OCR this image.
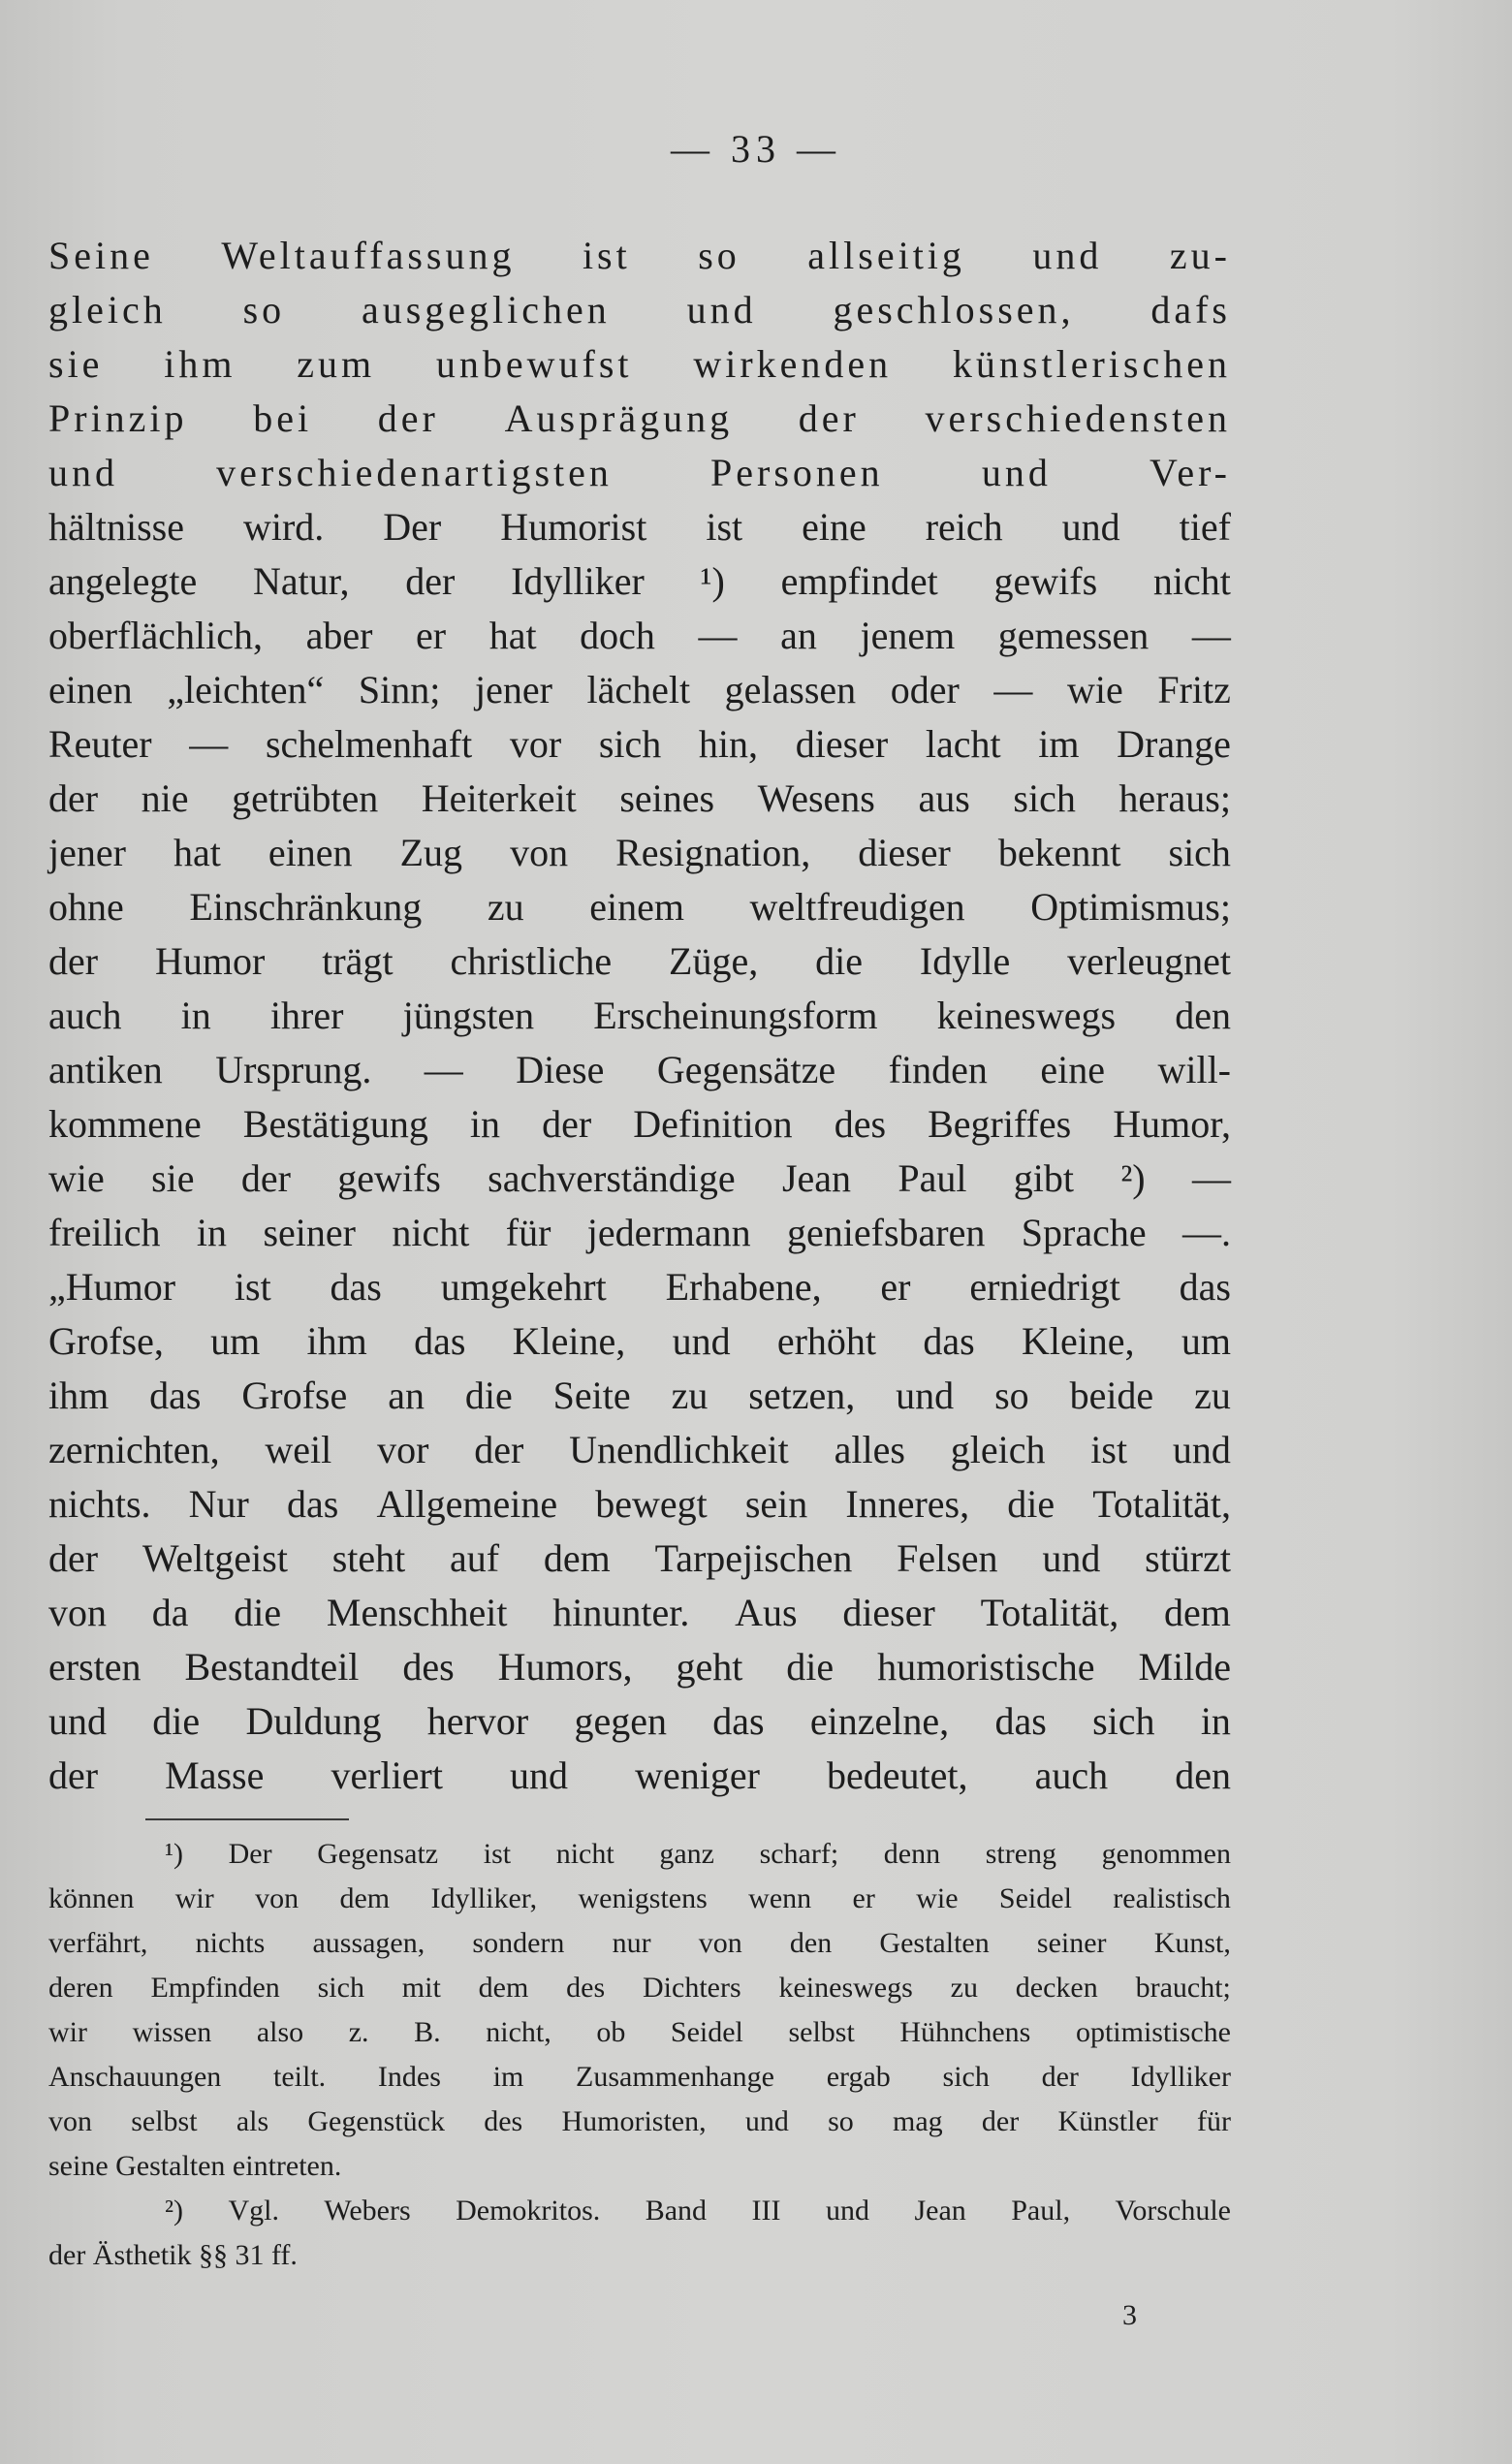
— 33 —
Seine Weltauffassung ist so allseitig und zu-
gleich so ausgeglichen und geschlossen, dafs
sie ihm zum unbewufst wirkenden künstlerischen
Prinzip bei der Ausprägung der verschiedensten
und	verschiedenartigsten	Personen	und	Ver-
hältnisse wird. Der Humorist ist eine reich und tief
angelegte Natur, der Idylliker ¹) empfindet gewifs nicht
oberflächlich, aber er hat doch — an jenem gemessen —
einen „leichten“ Sinn; jener lächelt gelassen oder — wie Fritz
Reuter — schelmenhaft vor sich hin, dieser lacht im Drange
der nie getrübten Heiterkeit seines Wesens aus sich heraus;
jener hat einen Zug von Resignation, dieser bekennt sich
ohne Einschränkung zu einem weltfreudigen Optimismus;
der Humor trägt christliche Züge, die Idylle verleugnet
auch in ihrer jüngsten Erscheinungsform keineswegs den
antiken Ursprung. — Diese Gegensätze finden eine will-
kommene Bestätigung in der Definition des Begriffes Humor,
wie sie der gewifs sachverständige Jean Paul gibt ²) —
freilich in seiner nicht für jedermann geniefsbaren Sprache —.
„Humor ist das umgekehrt Erhabene, er erniedrigt das
Grofse, um ihm das Kleine, und erhöht das Kleine, um
ihm das Grofse an die Seite zu setzen, und so beide zu
zernichten, weil vor der Unendlichkeit alles gleich ist und
nichts. Nur das Allgemeine bewegt sein Inneres, die Totalität,
der Weltgeist steht auf dem Tarpejischen Felsen und stürzt
von da die Menschheit hinunter. Aus dieser Totalität, dem
ersten Bestandteil des Humors, geht die humoristische Milde
und die Duldung hervor gegen das einzelne, das sich in
der Masse verliert und weniger bedeutet, auch den
¹) Der Gegensatz ist nicht ganz scharf; denn streng genommen
können wir von dem Idylliker, wenigstens wenn er wie Seidel realistisch
verfährt, nichts aussagen, sondern nur von den Gestalten seiner Kunst,
deren Empfinden sich mit dem des Dichters keineswegs zu decken braucht;
wir wissen also z. B. nicht, ob Seidel selbst Hühnchens optimistische
Anschauungen teilt. Indes im Zusammenhange ergab sich der Idylliker
von selbst als Gegenstück des Humoristen, und so mag der Künstler für
seine Gestalten eintreten.
²) Vgl. Webers Demokritos. Band III und Jean Paul, Vorschule
der Ästhetik §§ 31 ff.
3
